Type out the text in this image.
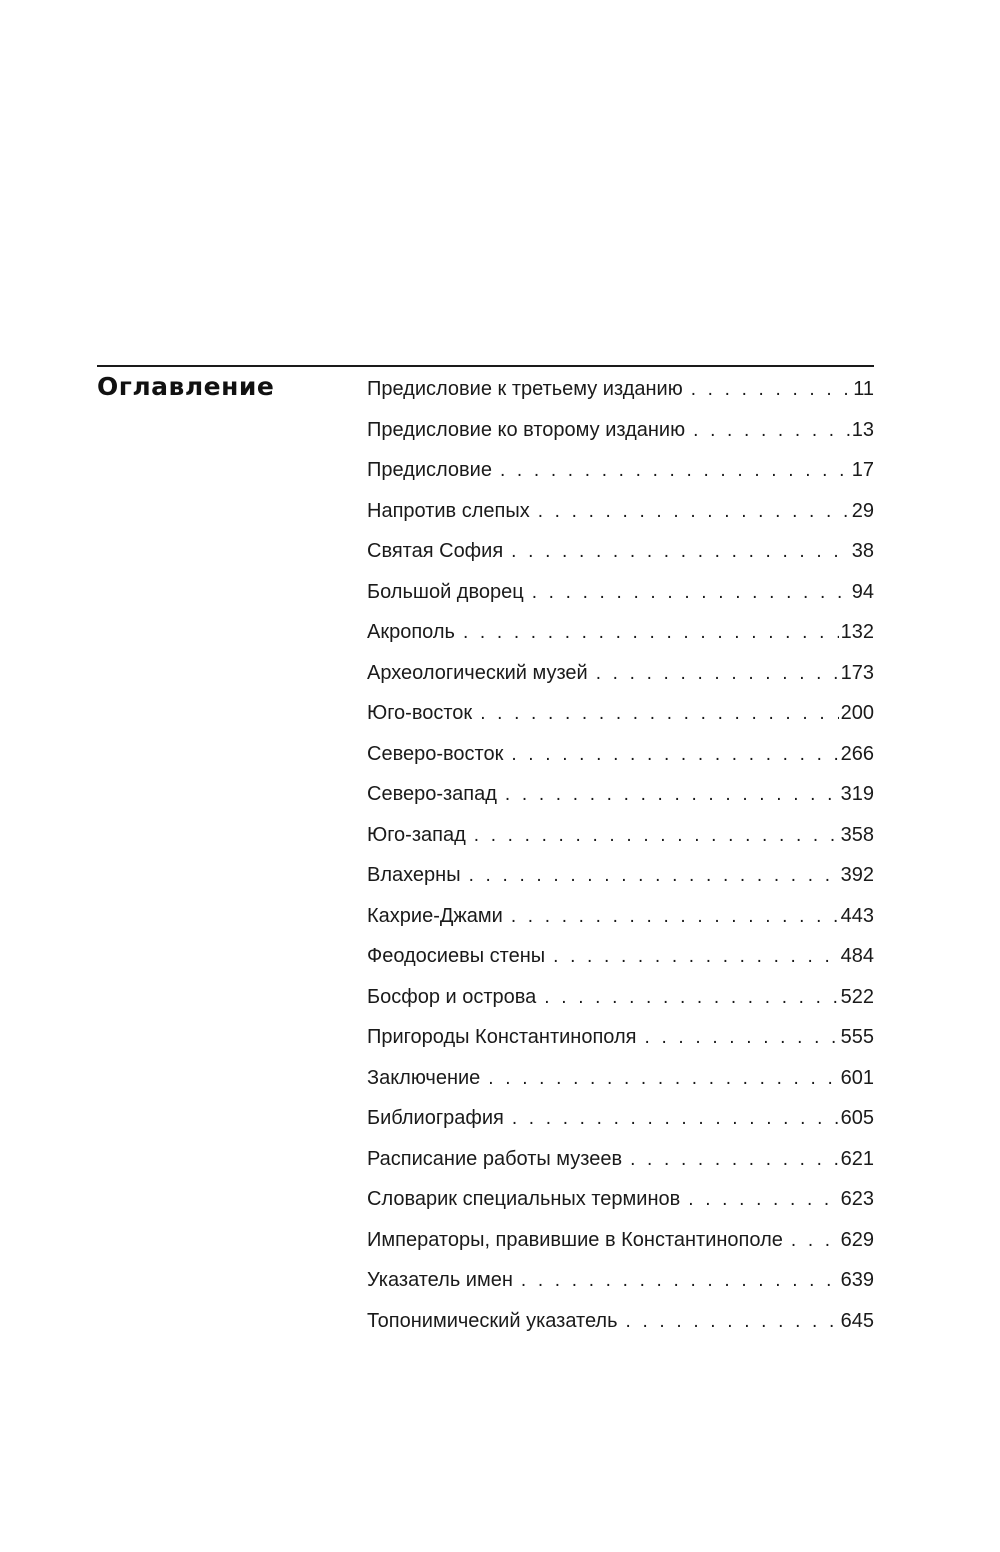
Оглавление	Предисловие к третьему изданию . . .	11
Предисловие ко второму изданию . . .	13
Предисловие . . .	17
Напротив слепых . . .	29
Святая София . . .	38
Большой дворец . . .	94
Акрополь . . .	132
Археологический музей . . .	173
Юго-восток . . .	200
Северо-восток . . .	266
Северо-запад . . .	319
Юго-запад . . .	358
Влахерны . . .	392
Кахрие-Джами . . .	443
Феодосиевы стены . . .	484
Босфор и острова . . .	522
Пригороды Константинополя . . .	555
Заключение . . .	601
Библиография . . .	605
Расписание работы музеев . . .	621
Словарик специальных терминов . . .	623
Императоры, правившие в Константинополе . . .	629
Указатель имен . . .	639
Топонимический указатель . . .	645
